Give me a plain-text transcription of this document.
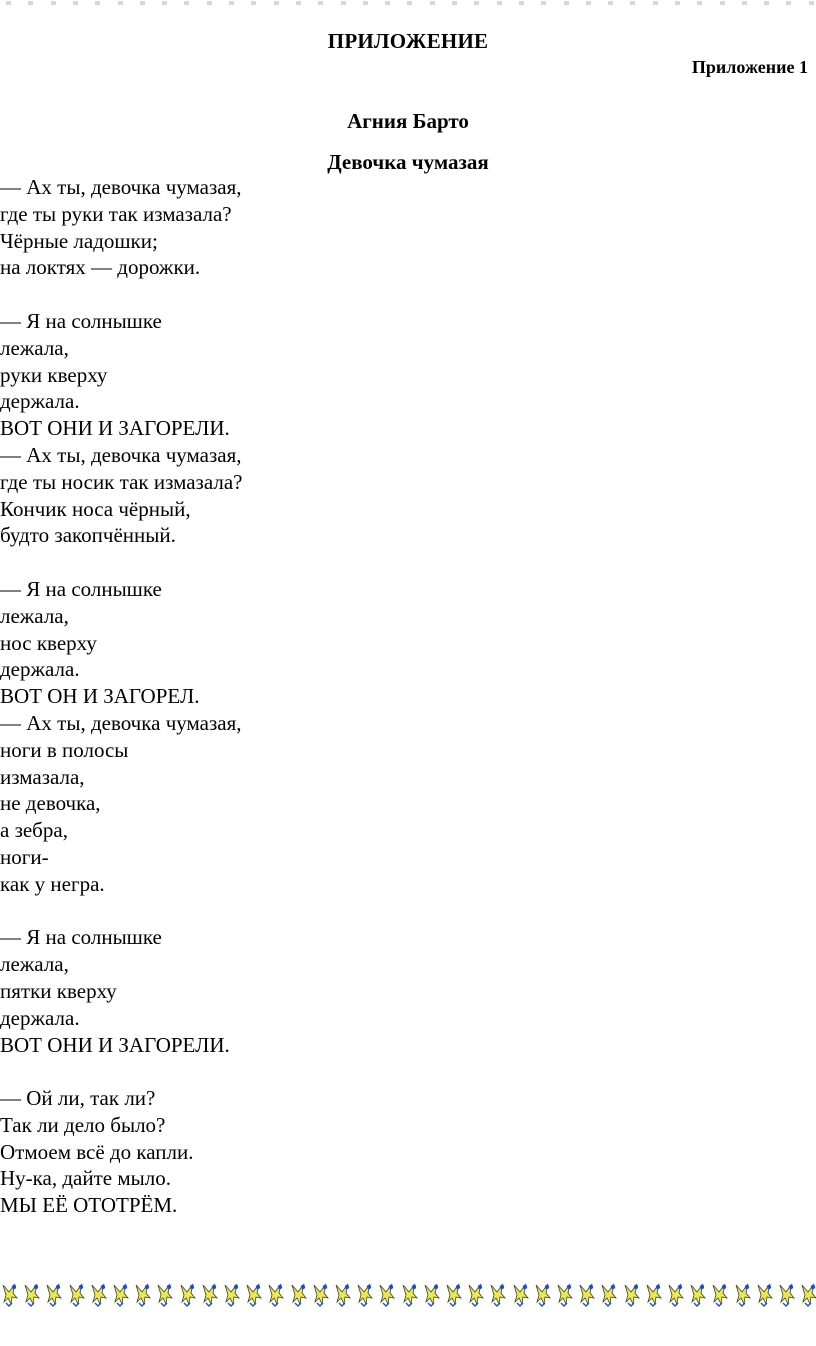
ПРИЛОЖЕНИЕ
Приложение 1
Агния Барто
Девочка чумазая
— Ах ты, девочка чумазая,
где ты руки так измазала?
Чёрные ладошки;
на локтях — дорожки.
— Я на солнышке
лежала,
руки кверху
держала.
ВОТ ОНИ И ЗАГОРЕЛИ.
— Ах ты, девочка чумазая,
где ты носик так измазала?
Кончик носа чёрный,
будто закопчённый.
— Я на солнышке
лежала,
нос кверху
держала.
ВОТ ОН И ЗАГОРЕЛ.
— Ах ты, девочка чумазая,
ноги в полосы
измазала,
не девочка,
а зебра,
ноги-
как у негра.
— Я на солнышке
лежала,
пятки кверху
держала.
ВОТ ОНИ И ЗАГОРЕЛИ.
— Ой ли, так ли?
Так ли дело было?
Отмоем всё до капли.
Ну-ка, дайте мыло.
МЫ ЕЁ ОТОТРЁМ.
